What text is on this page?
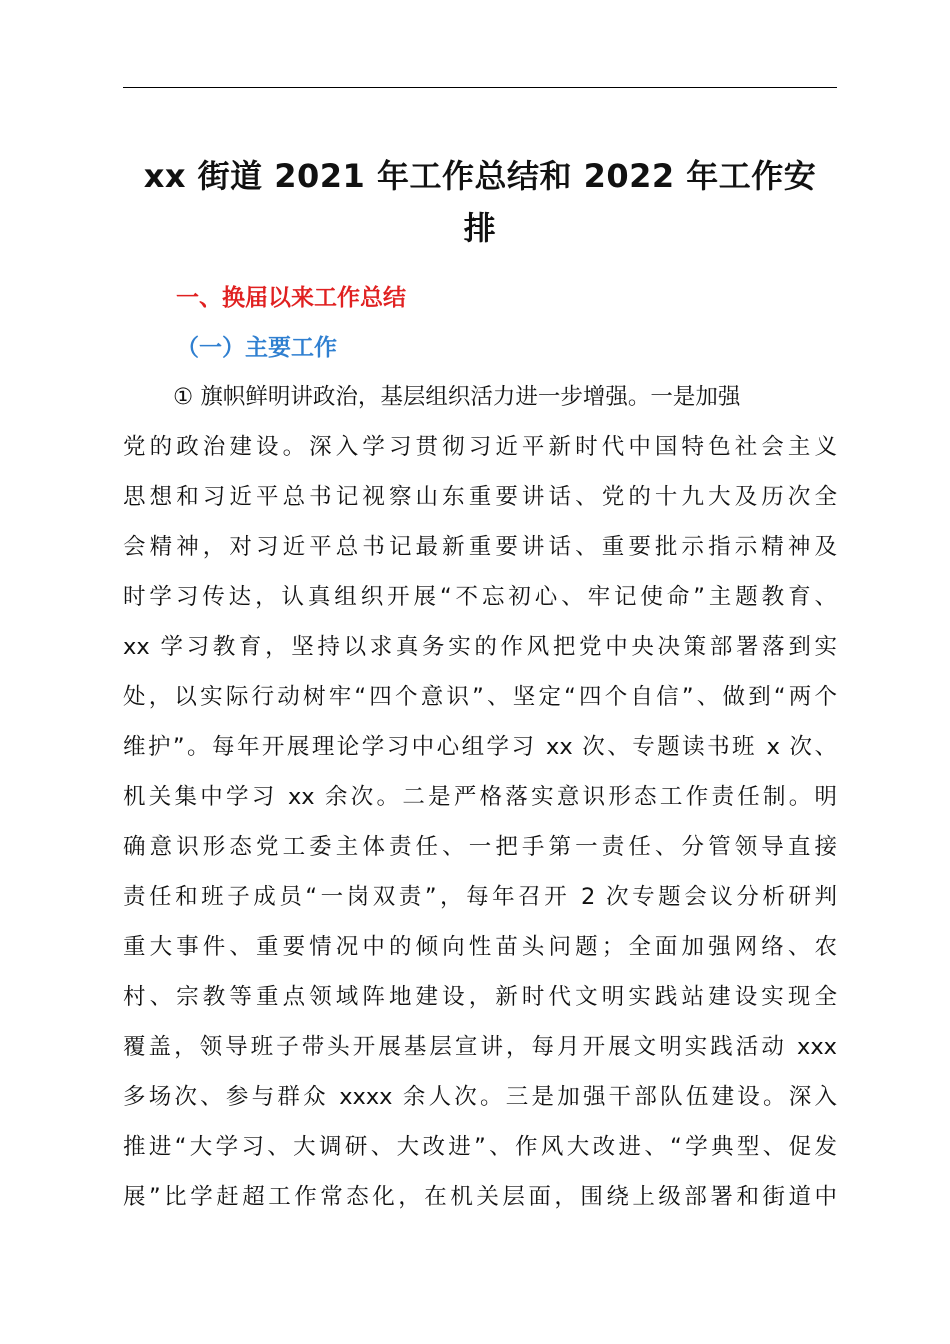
xx 街道 2021 年工作总结和 2022 年工作安
排
一、换届以来工作总结
（一）主要工作
① 旗帜鲜明讲政治，基层组织活力进一步增强。一是加强
党的政治建设。深入学习贯彻习近平新时代中国特色社会主义
思想和习近平总书记视察山东重要讲话、党的十九大及历次全
会精神，对习近平总书记最新重要讲话、重要批示指示精神及
时学习传达，认真组织开展“不忘初心、牢记使命”主题教育、
xx 学习教育，坚持以求真务实的作风把党中央决策部署落到实
处，以实际行动树牢“四个意识”、坚定“四个自信”、做到“两个
维护”。每年开展理论学习中心组学习 xx 次、专题读书班 x 次、
机关集中学习 xx 余次。二是严格落实意识形态工作责任制。明
确意识形态党工委主体责任、一把手第一责任、分管领导直接
责任和班子成员“一岗双责”，每年召开 2 次专题会议分析研判
重大事件、重要情况中的倾向性苗头问题；全面加强网络、农
村、宗教等重点领域阵地建设，新时代文明实践站建设实现全
覆盖，领导班子带头开展基层宣讲，每月开展文明实践活动 xxx
多场次、参与群众 xxxx 余人次。三是加强干部队伍建设。深入
推进“大学习、大调研、大改进”、作风大改进、“学典型、促发
展”比学赶超工作常态化，在机关层面，围绕上级部署和街道中
